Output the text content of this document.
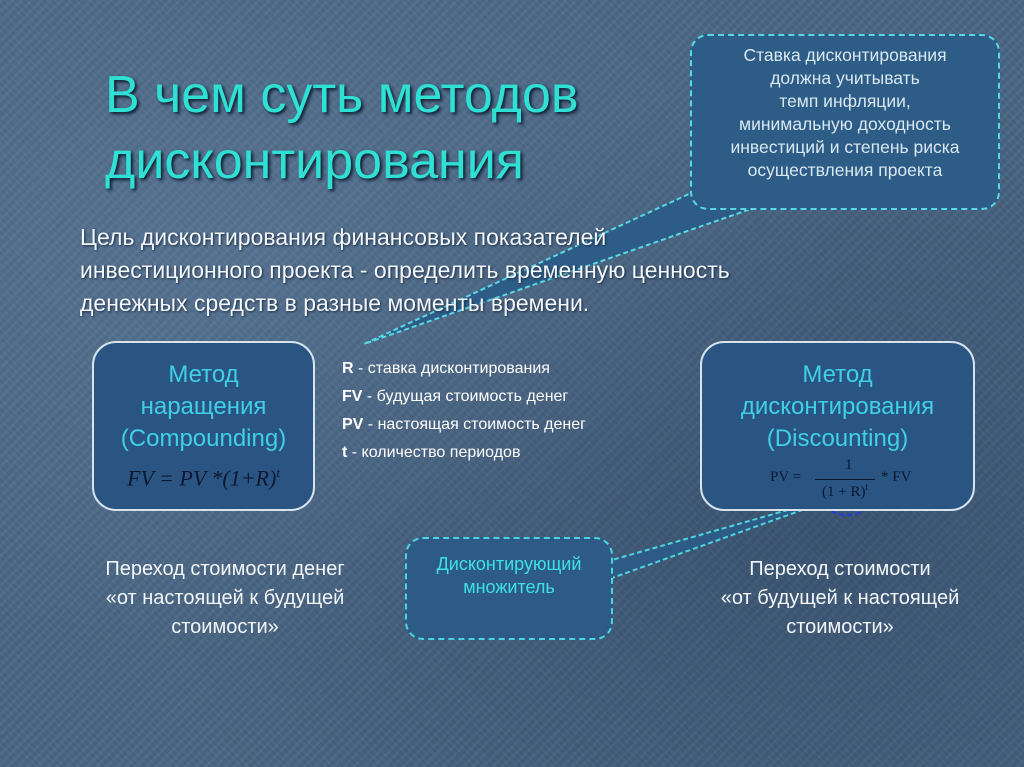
В чем суть методов дисконтирования
Ставка дисконтирования
должна учитывать
темп инфляции,
минимальную доходность
инвестиций и степень риска
осуществления проекта
Цель дисконтирования финансовых показателей
инвестиционного проекта - определить временную ценность
денежных средств в разные моменты времени.
Метод
наращения
(Compounding)
FV = PV $*(1+R)^t$
R - ставка дисконтирования
FV - будущая стоимость денег
PV - настоящая стоимость денег
t - количество периодов
Метод
дисконтирования
(Discounting)
PV =
1
$(1 + R)^t$
* FV
Переход стоимости денег
«от настоящей к будущей
стоимости»
Дисконтирующий
множитель
Переход стоимости
«от будущей к настоящей
стоимости»
